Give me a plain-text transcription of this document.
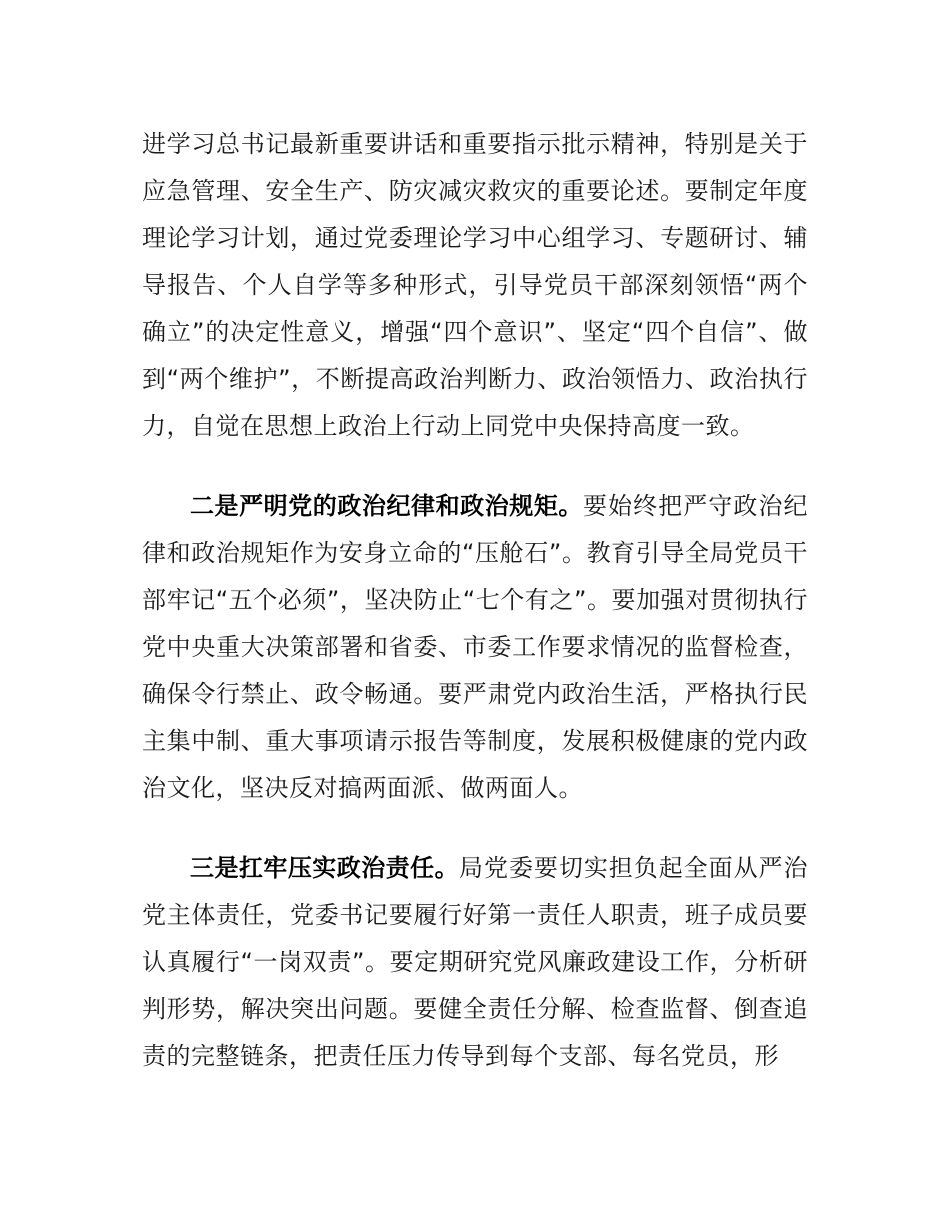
进学习总书记最新重要讲话和重要指示批示精神，特别是关于应急管理、安全生产、防灾减灾救灾的重要论述。要制定年度理论学习计划，通过党委理论学习中心组学习、专题研讨、辅导报告、个人自学等多种形式，引导党员干部深刻领悟“两个确立”的决定性意义，增强“四个意识”、坚定“四个自信”、做到“两个维护”，不断提高政治判断力、政治领悟力、政治执行力，自觉在思想上政治上行动上同党中央保持高度一致。

二是严明党的政治纪律和政治规矩。要始终把严守政治纪律和政治规矩作为安身立命的“压舱石”。教育引导全局党员干部牢记“五个必须”，坚决防止“七个有之”。要加强对贯彻执行党中央重大决策部署和省委、市委工作要求情况的监督检查，确保令行禁止、政令畅通。要严肃党内政治生活，严格执行民主集中制、重大事项请示报告等制度，发展积极健康的党内政治文化，坚决反对搞两面派、做两面人。

三是扛牢压实政治责任。局党委要切实担负起全面从严治党主体责任，党委书记要履行好第一责任人职责，班子成员要认真履行“一岗双责”。要定期研究党风廉政建设工作，分析研判形势，解决突出问题。要健全责任分解、检查监督、倒查追责的完整链条，把责任压力传导到每个支部、每名党员，形
